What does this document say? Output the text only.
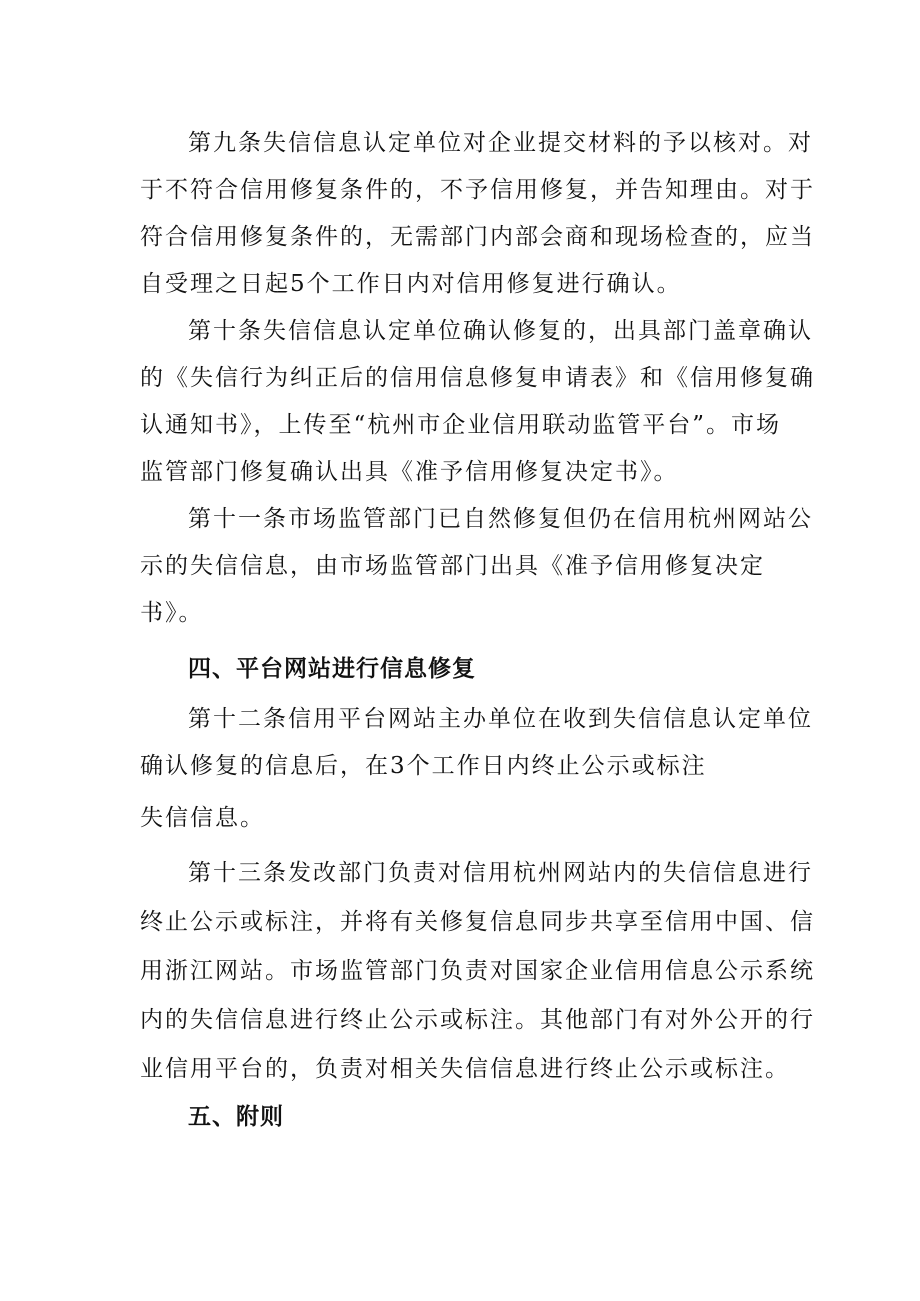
第九条失信信息认定单位对企业提交材料的予以核对。对
于不符合信用修复条件的，不予信用修复，并告知理由。对于
符合信用修复条件的，无需部门内部会商和现场检查的，应当
自受理之日起5个工作日内对信用修复进行确认。
第十条失信信息认定单位确认修复的，出具部门盖章确认
的《失信行为纠正后的信用信息修复申请表》和《信用修复确
认通知书》，上传至“杭州市企业信用联动监管平台”。市场
监管部门修复确认出具《准予信用修复决定书》。
第十一条市场监管部门已自然修复但仍在信用杭州网站公
示的失信信息，由市场监管部门出具《准予信用修复决定
书》。
四、平台网站进行信息修复
第十二条信用平台网站主办单位在收到失信信息认定单位
确认修复的信息后，在3个工作日内终止公示或标注
失信信息。
第十三条发改部门负责对信用杭州网站内的失信信息进行
终止公示或标注，并将有关修复信息同步共享至信用中国、信
用浙江网站。市场监管部门负责对国家企业信用信息公示系统
内的失信信息进行终止公示或标注。其他部门有对外公开的行
业信用平台的，负责对相关失信信息进行终止公示或标注。
五、附则
